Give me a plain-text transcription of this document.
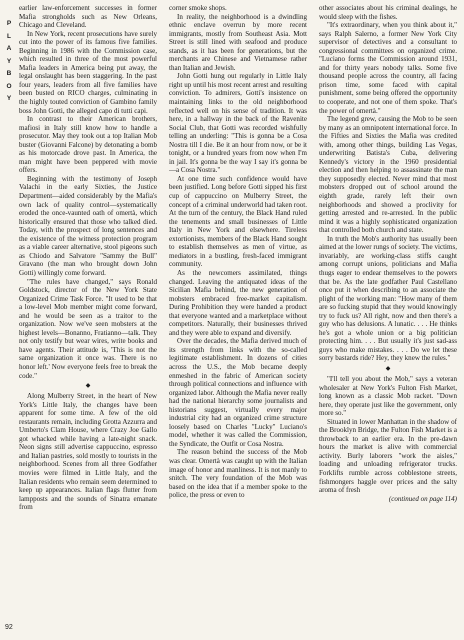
P
L
A
Y
B
O
Y

earlier law-enforcement successes in former Mafia strongholds such as New Orleans, Chicago and Cleveland.

In New York, recent prosecutions have surely cut into the power of its famous five families. Beginning in 1986 with the Commission case, which resulted in three of the most powerful Mafia leaders in America being put away, the legal onslaught has been staggering. In the past four years, leaders from all five families have been busted on RICO charges, culminating in the highly touted conviction of Gambino family boss John Gotti, the alleged capo di tutti capi.

In contrast to their American brothers, mafiosi in Italy still know how to handle a prosecutor. May they took out a top Italian Mob buster (Giovanni Falcone) by detonating a bomb as his motorcade drove past. In America, the man might have been peppered with movie offers.

Beginning with the testimony of Joseph Valachi in the early Sixties, the Justice Department—aided considerably by the Mafia's own lack of quality control—systematically eroded the once-vaunted oath of omertà, which historically ensured that those who talked died. Today, with the prospect of long sentences and the existence of the witness protection program as a viable career alternative, stool pigeons such as Chiodo and Salvatore "Sammy the Bull" Gravano (the man who brought down John Gotti) willingly come forward.

"The rules have changed," says Ronald Goldstock, director of the New York State Organized Crime Task Force. "It used to be that a low-level Mob member might come forward, and he would be seen as a traitor to the organization. Now we've seen mobsters at the highest levels—Bonanno, Fratianno—talk. They not only testify but wear wires, write books and have agents. Their attitude is, 'This is not the same organization it once was. There is no honor left.' Now everyone feels free to break the code."

◆

Along Mulberry Street, in the heart of New York's Little Italy, the changes have been apparent for some time. A few of the old restaurants remain, including Grotta Azzurra and Umberto's Clam House, where Crazy Joe Gallo got whacked while having a late-night snack. Neon signs still advertise cappuccino, espresso and Italian pastries, sold mostly to tourists in the neighborhood. Scenes from all three Godfather movies were filmed in Little Italy, and the Italian residents who remain seem determined to keep up appearances. Italian flags flutter from lampposts and the sounds of Sinatra emanate from

corner smoke shops.

In reality, the neighborhood is a dwindling ethnic enclave overrun by more recent immigrants, mostly from Southeast Asia. Mott Street is still lined with seafood and produce stands, as it has been for generations, but the merchants are Chinese and Vietnamese rather than Italian and Jewish.

John Gotti hung out regularly in Little Italy right up until his most recent arrest and resulting conviction. To admirers, Gotti's insistence on maintaining links to the old neighborhood reflected well on his sense of tradition. It was here, in a hallway in the back of the Ravenite Social Club, that Gotti was recorded wishfully telling an underling: "This is gonna be a Cosa Nostra till I die. Be it an hour from now, or be it tonight, or a hundred years from now when I'm in jail. It's gonna be the way I say it's gonna be—a Cosa Nostra."

At one time such confidence would have been justified. Long before Gotti sipped his first cup of cappuccino on Mulberry Street, the concept of a criminal underworld had taken root. At the turn of the century, the Black Hand ruled the tenements and small businesses of Little Italy in New York and elsewhere. Tireless extortionists, members of the Black Hand sought to establish themselves as men of virtue, as mediators in a bustling, fresh-faced immigrant community.

As the newcomers assimilated, things changed. Leaving the antiquated ideas of the Sicilian Mafia behind, the new generation of mobsters embraced free-market capitalism. During Prohibition they were handed a product that everyone wanted and a marketplace without competitors. Naturally, their businesses thrived and they were able to expand and diversify.

Over the decades, the Mafia derived much of its strength from links with the so-called legitimate establishment. In dozens of cities across the U.S., the Mob became deeply enmeshed in the fabric of American society through political connections and influence with organized labor. Although the Mafia never really had the national hierarchy some journalists and historians suggest, virtually every major industrial city had an organized crime structure loosely based on Charles "Lucky" Luciano's model, whether it was called the Commission, the Syndicate, the Outfit or Cosa Nostra.

The reason behind the success of the Mob was clear. Omertà was caught up with the Italian image of honor and manliness. It is not manly to snitch. The very foundation of the Mob was based on the idea that if a member spoke to the police, the press or even to

other associates about his criminal dealings, he would sleep with the fishes.

"It's extraordinary, when you think about it," says Ralph Salerno, a former New York City supervisor of detectives and a consultant to congressional committees on organized crime. "Luciano forms the Commission around 1931, and for thirty years nobody talks. Some five thousand people across the country, all facing prison time, some faced with capital punishment, some being offered the opportunity to cooperate, and not one of them spoke. That's the power of omertà."

The legend grew, causing the Mob to be seen by many as an omnipotent international force. In the Fifties and Sixties the Mafia was credited with, among other things, building Las Vegas, underwriting Batista's Cuba, delivering Kennedy's victory in the 1960 presidential election and then helping to assassinate the man they supposedly elected. Never mind that most mobsters dropped out of school around the eighth grade, rarely left their own neighborhoods and showed a proclivity for getting arrested and re-arrested. In the public mind it was a highly sophisticated organization that controlled both church and state.

In truth the Mob's authority has usually been aimed at the lower rungs of society. The victims, invariably, are working-class stiffs caught among corrupt unions, politicians and Mafia thugs eager to endear themselves to the powers that be. As the late godfather Paul Castellano once put it when describing to an associate the plight of the working man: "How many of them are so fucking stupid that they would knowingly try to fuck us? All right, now and then there's a guy who has delusions. A lunatic. . . . He thinks he's got a whole union or a big politician protecting him. . . . But usually it's just sad-ass guys who make mistakes. . . . Do we let these sorry bastards ride? Hey, they knew the rules."

◆

"I'll tell you about the Mob," says a veteran wholesaler at New York's Fulton Fish Market, long known as a classic Mob racket. "Down here, they operate just like the government, only more so."

Situated in lower Manhattan in the shadow of the Brooklyn Bridge, the Fulton Fish Market is a throwback to an earlier era. In the pre-dawn hours the market is alive with commercial activity. Burly laborers "work the aisles," loading and unloading refrigerator trucks. Forklifts rumble across cobblestone streets, fishmongers haggle over prices and the salty aroma of fresh

(continued on page 114)
92
